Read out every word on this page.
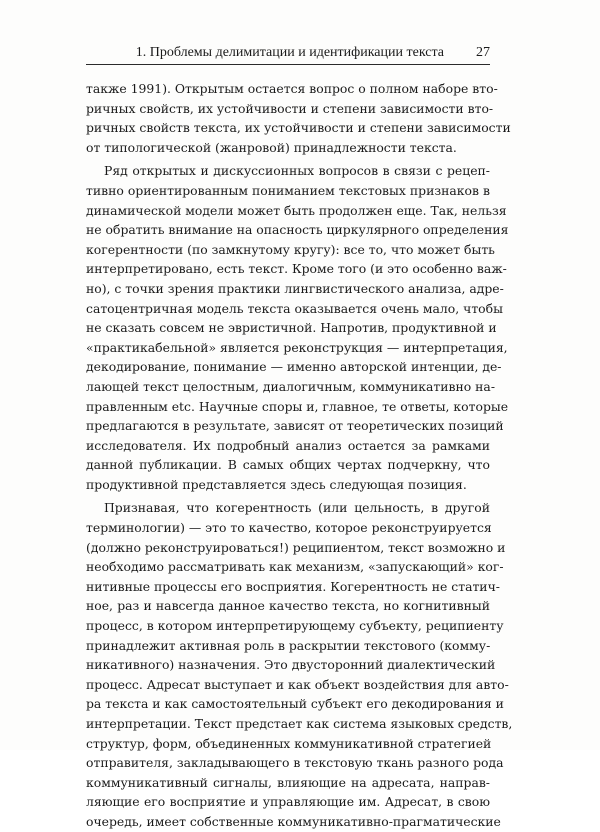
1. Проблемы делимитации и идентификации текста 27
также 1991). Открытым остается вопрос о полном наборе вто-
ричных свойств, их устойчивости и степени зависимости вто-
ричных свойств текста, их устойчивости и степени зависимости
от типологической (жанровой) принадлежности текста.
Ряд открытых и дискуссионных вопросов в связи с рецеп-
тивно ориентированным пониманием текстовых признаков в
динамической модели может быть продолжен еще. Так, нельзя
не обратить внимание на опасность циркулярного определения
когерентности (по замкнутому кругу): все то, что может быть
интерпретировано, есть текст. Кроме того (и это особенно важ-
но), с точки зрения практики лингвистического анализа, адре-
сатоцентричная модель текста оказывается очень мало, чтобы
не сказать совсем не эвристичной. Напротив, продуктивной и
«практикабельной» является реконструкция — интерпретация,
декодирование, понимание — именно авторской интенции, де-
лающей текст целостным, диалогичным, коммуникативно на-
правленным etc. Научные споры и, главное, те ответы, которые
предлагаются в результате, зависят от теоретических позиций
исследователя. Их подробный анализ остается за рамками
данной публикации. В самых общих чертах подчеркну, что
продуктивной представляется здесь следующая позиция.
Признавая, что когерентность (или цельность, в другой
терминологии) — это то качество, которое реконструируется
(должно реконструироваться!) реципиентом, текст возможно и
необходимо рассматривать как механизм, «запускающий» ког-
нитивные процессы его восприятия. Когерентность не статич-
ное, раз и навсегда данное качество текста, но когнитивный
процесс, в котором интерпретирующему субъекту, реципиенту
принадлежит активная роль в раскрытии текстового (комму-
никативного) назначения. Это двусторонний диалектический
процесс. Адресат выступает и как объект воздействия для авто-
ра текста и как самостоятельный субъект его декодирования и
интерпретации. Текст предстает как система языковых средств,
структур, форм, объединенных коммуникативной стратегией
отправителя, закладывающего в текстовую ткань разного рода
коммуникативный сигналы, влияющие на адресата, направ-
ляющие его восприятие и управляющие им. Адресат, в свою
очередь, имеет собственные коммуникативно-прагматические
